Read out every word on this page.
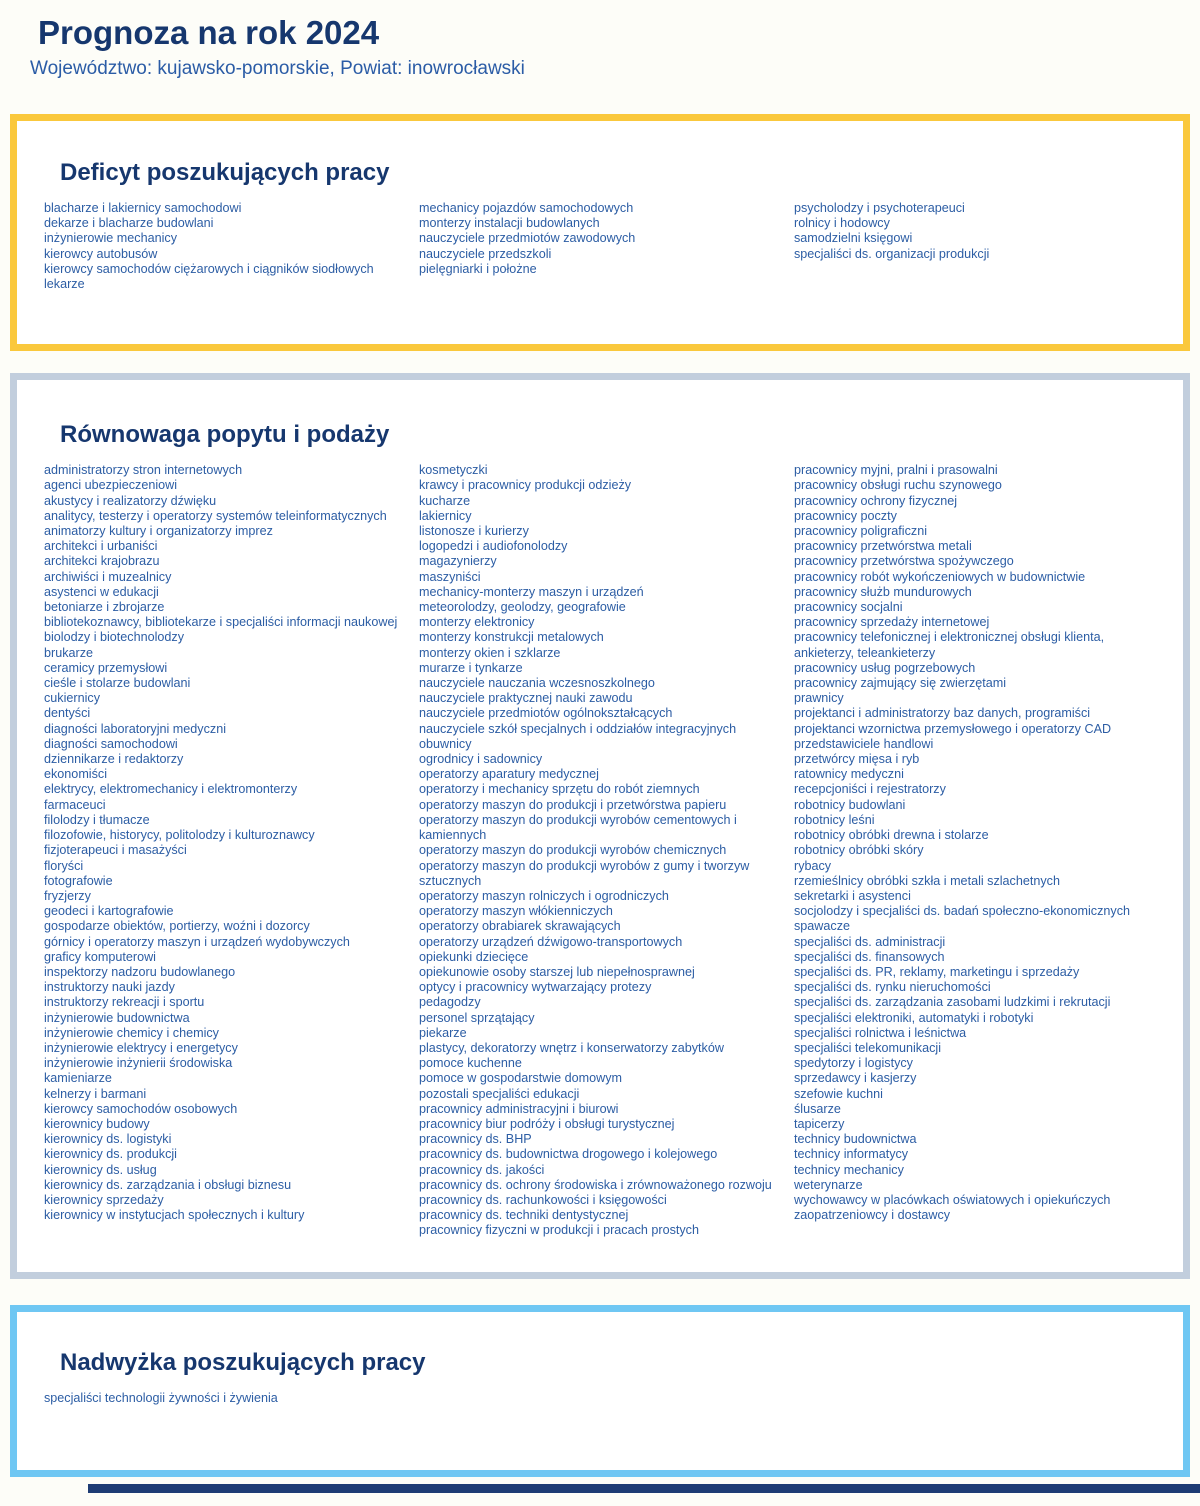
Prognoza na rok 2024
Województwo: kujawsko-pomorskie, Powiat: inowrocławski
Deficyt poszukujących pracy
blacharze i lakiernicy samochodowi
dekarze i blacharze budowlani
inżynierowie mechanicy
kierowcy autobusów
kierowcy samochodów ciężarowych i ciągników siodłowych
lekarze
mechanicy pojazdów samochodowych
monterzy instalacji budowlanych
nauczyciele przedmiotów zawodowych
nauczyciele przedszkoli
pielęgniarki i położne
psycholodzy i psychoterapeuci
rolnicy i hodowcy
samodzielni księgowi
specjaliści ds. organizacji produkcji
Równowaga popytu i podaży
administratorzy stron internetowych
agenci ubezpieczeniowi
akustycy i realizatorzy dźwięku
analitycy, testerzy i operatorzy systemów teleinformatycznych
animatorzy kultury i organizatorzy imprez
architekci i urbaniści
architekci krajobrazu
archiwiści i muzealnicy
asystenci w edukacji
betoniarze i zbrojarze
bibliotekoznawcy, bibliotekarze i specjaliści informacji naukowej
biolodzy i biotechnolodzy
brukarze
ceramicy przemysłowi
cieśle i stolarze budowlani
cukiernicy
dentyści
diagności laboratoryjni medyczni
diagności samochodowi
dziennikarze i redaktorzy
ekonomiści
elektrycy, elektromechanicy i elektromonterzy
farmaceuci
filolodzy i tłumacze
filozofowie, historycy, politolodzy i kulturoznawcy
fizjoterapeuci i masażyści
floryści
fotografowie
fryzjerzy
geodeci i kartografowie
gospodarze obiektów, portierzy, woźni i dozorcy
górnicy i operatorzy maszyn i urządzeń wydobywczych
graficy komputerowi
inspektorzy nadzoru budowlanego
instruktorzy nauki jazdy
instruktorzy rekreacji i sportu
inżynierowie budownictwa
inżynierowie chemicy i chemicy
inżynierowie elektrycy i energetycy
inżynierowie inżynierii środowiska
kamieniarze
kelnerzy i barmani
kierowcy samochodów osobowych
kierownicy budowy
kierownicy ds. logistyki
kierownicy ds. produkcji
kierownicy ds. usług
kierownicy ds. zarządzania i obsługi biznesu
kierownicy sprzedaży
kierownicy w instytucjach społecznych i kultury
kosmetyczki
krawcy i pracownicy produkcji odzieży
kucharze
lakiernicy
listonosze i kurierzy
logopedzi i audiofonolodzy
magazynierzy
maszyniści
mechanicy-monterzy maszyn i urządzeń
meteorolodzy, geolodzy, geografowie
monterzy elektronicy
monterzy konstrukcji metalowych
monterzy okien i szklarze
murarze i tynkarze
nauczyciele nauczania wczesnoszkolnego
nauczyciele praktycznej nauki zawodu
nauczyciele przedmiotów ogólnokształcących
nauczyciele szkół specjalnych i oddziałów integracyjnych
obuwnicy
ogrodnicy i sadownicy
operatorzy aparatury medycznej
operatorzy i mechanicy sprzętu do robót ziemnych
operatorzy maszyn do produkcji i przetwórstwa papieru
operatorzy maszyn do produkcji wyrobów cementowych i kamiennych
operatorzy maszyn do produkcji wyrobów chemicznych
operatorzy maszyn do produkcji wyrobów z gumy i tworzyw sztucznych
operatorzy maszyn rolniczych i ogrodniczych
operatorzy maszyn włókienniczych
operatorzy obrabiarek skrawających
operatorzy urządzeń dźwigowo-transportowych
opiekunki dziecięce
opiekunowie osoby starszej lub niepełnosprawnej
optycy i pracownicy wytwarzający protezy
pedagodzy
personel sprzątający
piekarze
plastycy, dekoratorzy wnętrz i konserwatorzy zabytków
pomoce kuchenne
pomoce w gospodarstwie domowym
pozostali specjaliści edukacji
pracownicy administracyjni i biurowi
pracownicy biur podróży i obsługi turystycznej
pracownicy ds. BHP
pracownicy ds. budownictwa drogowego i kolejowego
pracownicy ds. jakości
pracownicy ds. ochrony środowiska i zrównoważonego rozwoju
pracownicy ds. rachunkowości i księgowości
pracownicy ds. techniki dentystycznej
pracownicy fizyczni w produkcji i pracach prostych
pracownicy myjni, pralni i prasowalni
pracownicy obsługi ruchu szynowego
pracownicy ochrony fizycznej
pracownicy poczty
pracownicy poligraficzni
pracownicy przetwórstwa metali
pracownicy przetwórstwa spożywczego
pracownicy robót wykończeniowych w budownictwie
pracownicy służb mundurowych
pracownicy socjalni
pracownicy sprzedaży internetowej
pracownicy telefonicznej i elektronicznej obsługi klienta, ankieterzy, teleankieterzy
pracownicy usług pogrzebowych
pracownicy zajmujący się zwierzętami
prawnicy
projektanci i administratorzy baz danych, programiści
projektanci wzornictwa przemysłowego i operatorzy CAD
przedstawiciele handlowi
przetwórcy mięsa i ryb
ratownicy medyczni
recepcjoniści i rejestratorzy
robotnicy budowlani
robotnicy leśni
robotnicy obróbki drewna i stolarze
robotnicy obróbki skóry
rybacy
rzemieślnicy obróbki szkła i metali szlachetnych
sekretarki i asystenci
socjolodzy i specjaliści ds. badań społeczno-ekonomicznych
spawacze
specjaliści ds. administracji
specjaliści ds. finansowych
specjaliści ds. PR, reklamy, marketingu i sprzedaży
specjaliści ds. rynku nieruchomości
specjaliści ds. zarządzania zasobami ludzkimi i rekrutacji
specjaliści elektroniki, automatyki i robotyki
specjaliści rolnictwa i leśnictwa
specjaliści telekomunikacji
spedytorzy i logistycy
sprzedawcy i kasjerzy
szefowie kuchni
ślusarze
tapicerzy
technicy budownictwa
technicy informatycy
technicy mechanicy
weterynarze
wychowawcy w placówkach oświatowych i opiekuńczych
zaopatrzeniowcy i dostawcy
Nadwyżka poszukujących pracy
specjaliści technologii żywności i żywienia
